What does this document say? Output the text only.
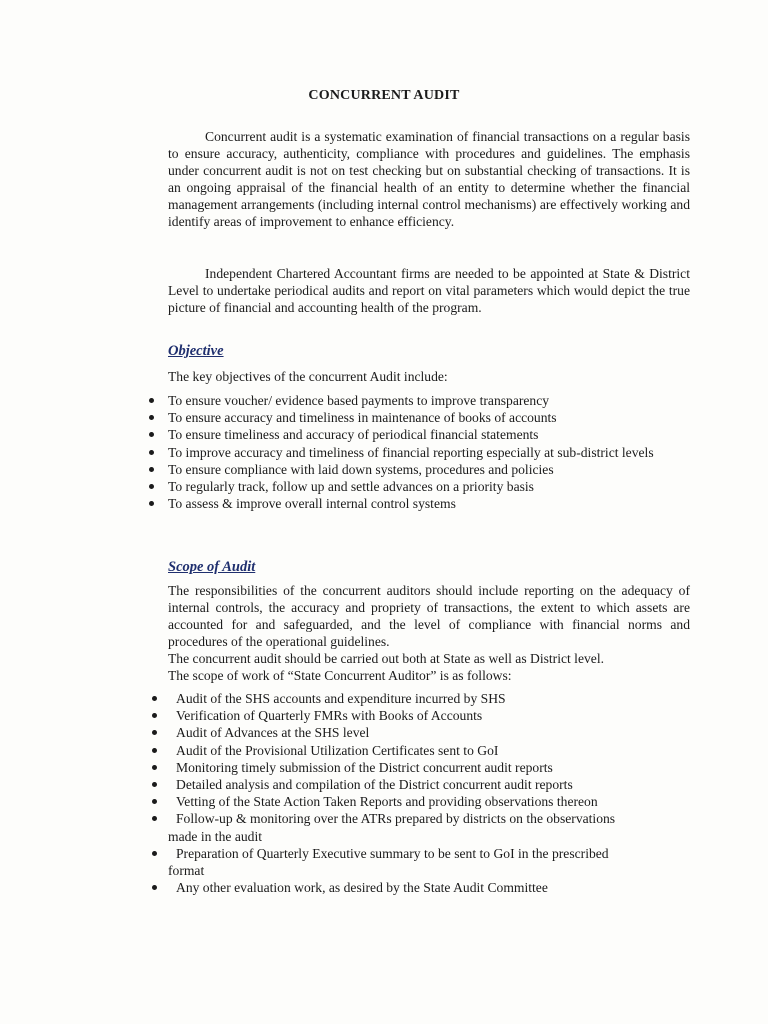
CONCURRENT AUDIT

Concurrent audit is a systematic examination of financial transactions on a regular basis to ensure accuracy, authenticity, compliance with procedures and guidelines. The emphasis under concurrent audit is not on test checking but on substantial checking of transactions. It is an ongoing appraisal of the financial health of an entity to determine whether the financial management arrangements (including internal control mechanisms) are effectively working and identify areas of improvement to enhance efficiency.

Independent Chartered Accountant firms are needed to be appointed at State & District Level to undertake periodical audits and report on vital parameters which would depict the true picture of financial and accounting health of the program.

Objective

The key objectives of the concurrent Audit include:

To ensure voucher/ evidence based payments to improve transparency
To ensure accuracy and timeliness in maintenance of books of accounts
To ensure timeliness and accuracy of periodical financial statements
To improve accuracy and timeliness of financial reporting especially at sub-district levels
To ensure compliance with laid down systems, procedures and policies
To regularly track, follow up and settle advances on a priority basis
To assess & improve overall internal control systems
Scope of Audit
The responsibilities of the concurrent auditors should include reporting on the adequacy of internal controls, the accuracy and propriety of transactions, the extent to which assets are accounted for and safeguarded, and the level of compliance with financial norms and procedures of the operational guidelines.
The concurrent audit should be carried out both at State as well as District level.
The scope of work of “State Concurrent Auditor” is as follows:
Audit of the SHS accounts and expenditure incurred by SHS
Verification of Quarterly FMRs with Books of Accounts
Audit of Advances at the SHS level
Audit of the Provisional Utilization Certificates sent to GoI
Monitoring timely submission of the District concurrent audit reports
Detailed analysis and compilation of the District concurrent audit reports
Vetting of the State Action Taken Reports and providing observations thereon
Follow-up & monitoring over the ATRs prepared by districts on the observations
made in the audit
Preparation of Quarterly Executive summary to be sent to GoI in the prescribed
format
Any other evaluation work, as desired by the State Audit Committee
